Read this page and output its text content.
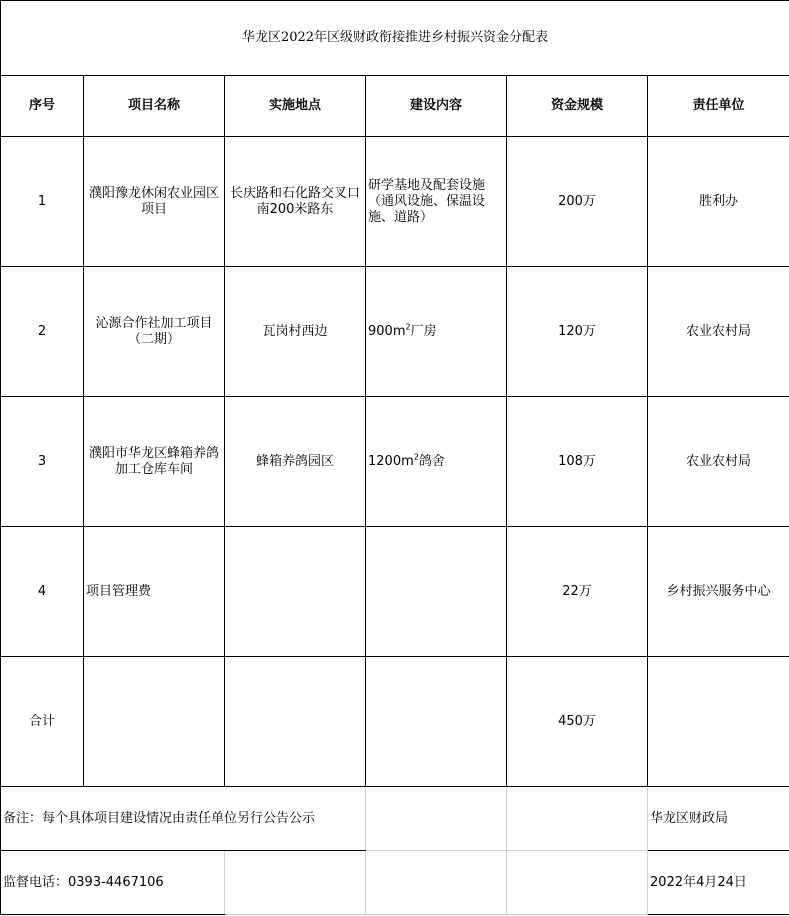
华龙区2022年区级财政衔接推进乡村振兴资金分配表					
序号	项目名称	实施地点	建设内容	资金规模	责任单位
1	濮阳豫龙休闲农业园区项目	长庆路和石化路交叉口南200米路东	研学基地及配套设施（通风设施、保温设施、道路）	200万	胜利办
2	沁源合作社加工项目（二期）	瓦岗村西边	$900m^2$厂房	120万	农业农村局
3	濮阳市华龙区蜂箱养鸽加工仓库车间	蜂箱养鸽园区	$1200m^2$鸽舍	108万	农业农村局
4	项目管理费			22万	乡村振兴服务中心
合计				450万	
备注：每个具体项目建设情况由责任单位另行公告公示					华龙区财政局
监督电话：0393-4467106					2022年4月24日
